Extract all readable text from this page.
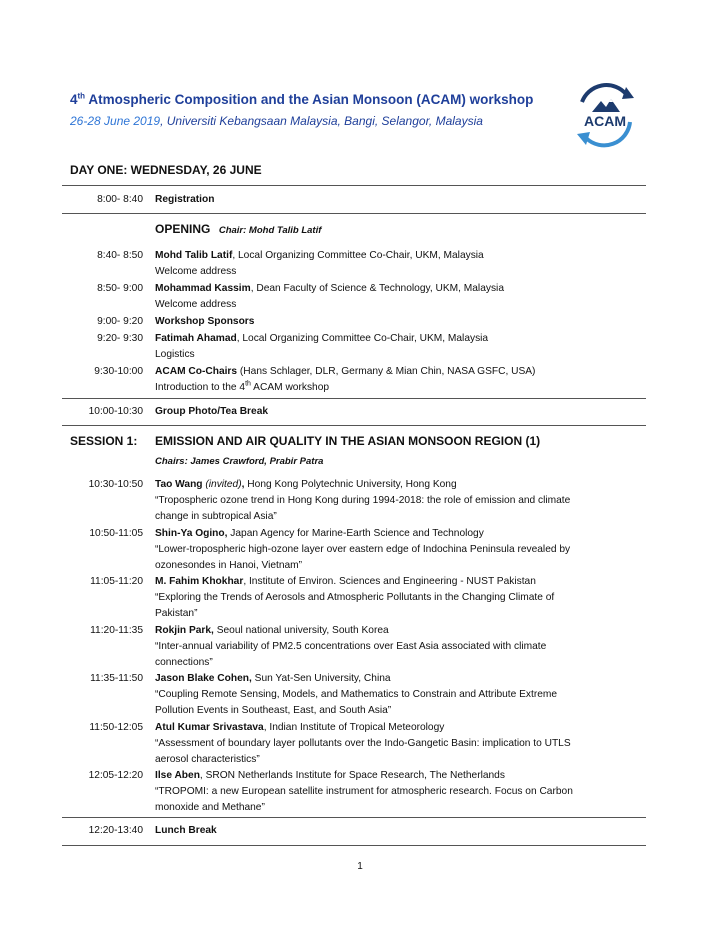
4th Atmospheric Composition and the Asian Monsoon (ACAM) workshop
26-28 June 2019, Universiti Kebangsaan Malaysia, Bangi, Selangor, Malaysia	ACAM
DAY ONE: WEDNESDAY, 26 JUNE
8:00- 8:40 Registration
OPENING Chair: Mohd Talib Latif
8:40- 8:50 Mohd Talib Latif, Local Organizing Committee Co-Chair, UKM, Malaysia
Welcome address
8:50- 9:00 Mohammad Kassim, Dean Faculty of Science & Technology, UKM, Malaysia
Welcome address
9:00- 9:20 Workshop Sponsors
9:20- 9:30 Fatimah Ahamad, Local Organizing Committee Co-Chair, UKM, Malaysia
Logistics
9:30-10:00 ACAM Co-Chairs (Hans Schlager, DLR, Germany & Mian Chin, NASA GSFC, USA)
Introduction to the 4th ACAM workshop
10:00-10:30 Group Photo/Tea Break
SESSION 1:	EMISSION AND AIR QUALITY IN THE ASIAN MONSOON REGION (1)
Chairs: James Crawford, Prabir Patra
10:30-10:50 Tao Wang (invited), Hong Kong Polytechnic University, Hong Kong
“Tropospheric ozone trend in Hong Kong during 1994-2018: the role of emission and climate
change in subtropical Asia”
10:50-11:05 Shin-Ya Ogino, Japan Agency for Marine-Earth Science and Technology
“Lower-tropospheric high-ozone layer over eastern edge of Indochina Peninsula revealed by
ozonesondes in Hanoi, Vietnam”
11:05-11:20 M. Fahim Khokhar, Institute of Environ. Sciences and Engineering - NUST Pakistan
“Exploring the Trends of Aerosols and Atmospheric Pollutants in the Changing Climate of
Pakistan”
11:20-11:35 Rokjin Park, Seoul national university, South Korea
“Inter-annual variability of PM2.5 concentrations over East Asia associated with climate
connections”
11:35-11:50 Jason Blake Cohen, Sun Yat-Sen University, China
“Coupling Remote Sensing, Models, and Mathematics to Constrain and Attribute Extreme
Pollution Events in Southeast, East, and South Asia”
11:50-12:05 Atul Kumar Srivastava, Indian Institute of Tropical Meteorology
“Assessment of boundary layer pollutants over the Indo-Gangetic Basin: implication to UTLS
aerosol characteristics”
12:05-12:20 Ilse Aben, SRON Netherlands Institute for Space Research, The Netherlands
“TROPOMI: a new European satellite instrument for atmospheric research. Focus on Carbon
monoxide and Methane”
12:20-13:40 Lunch Break
1
